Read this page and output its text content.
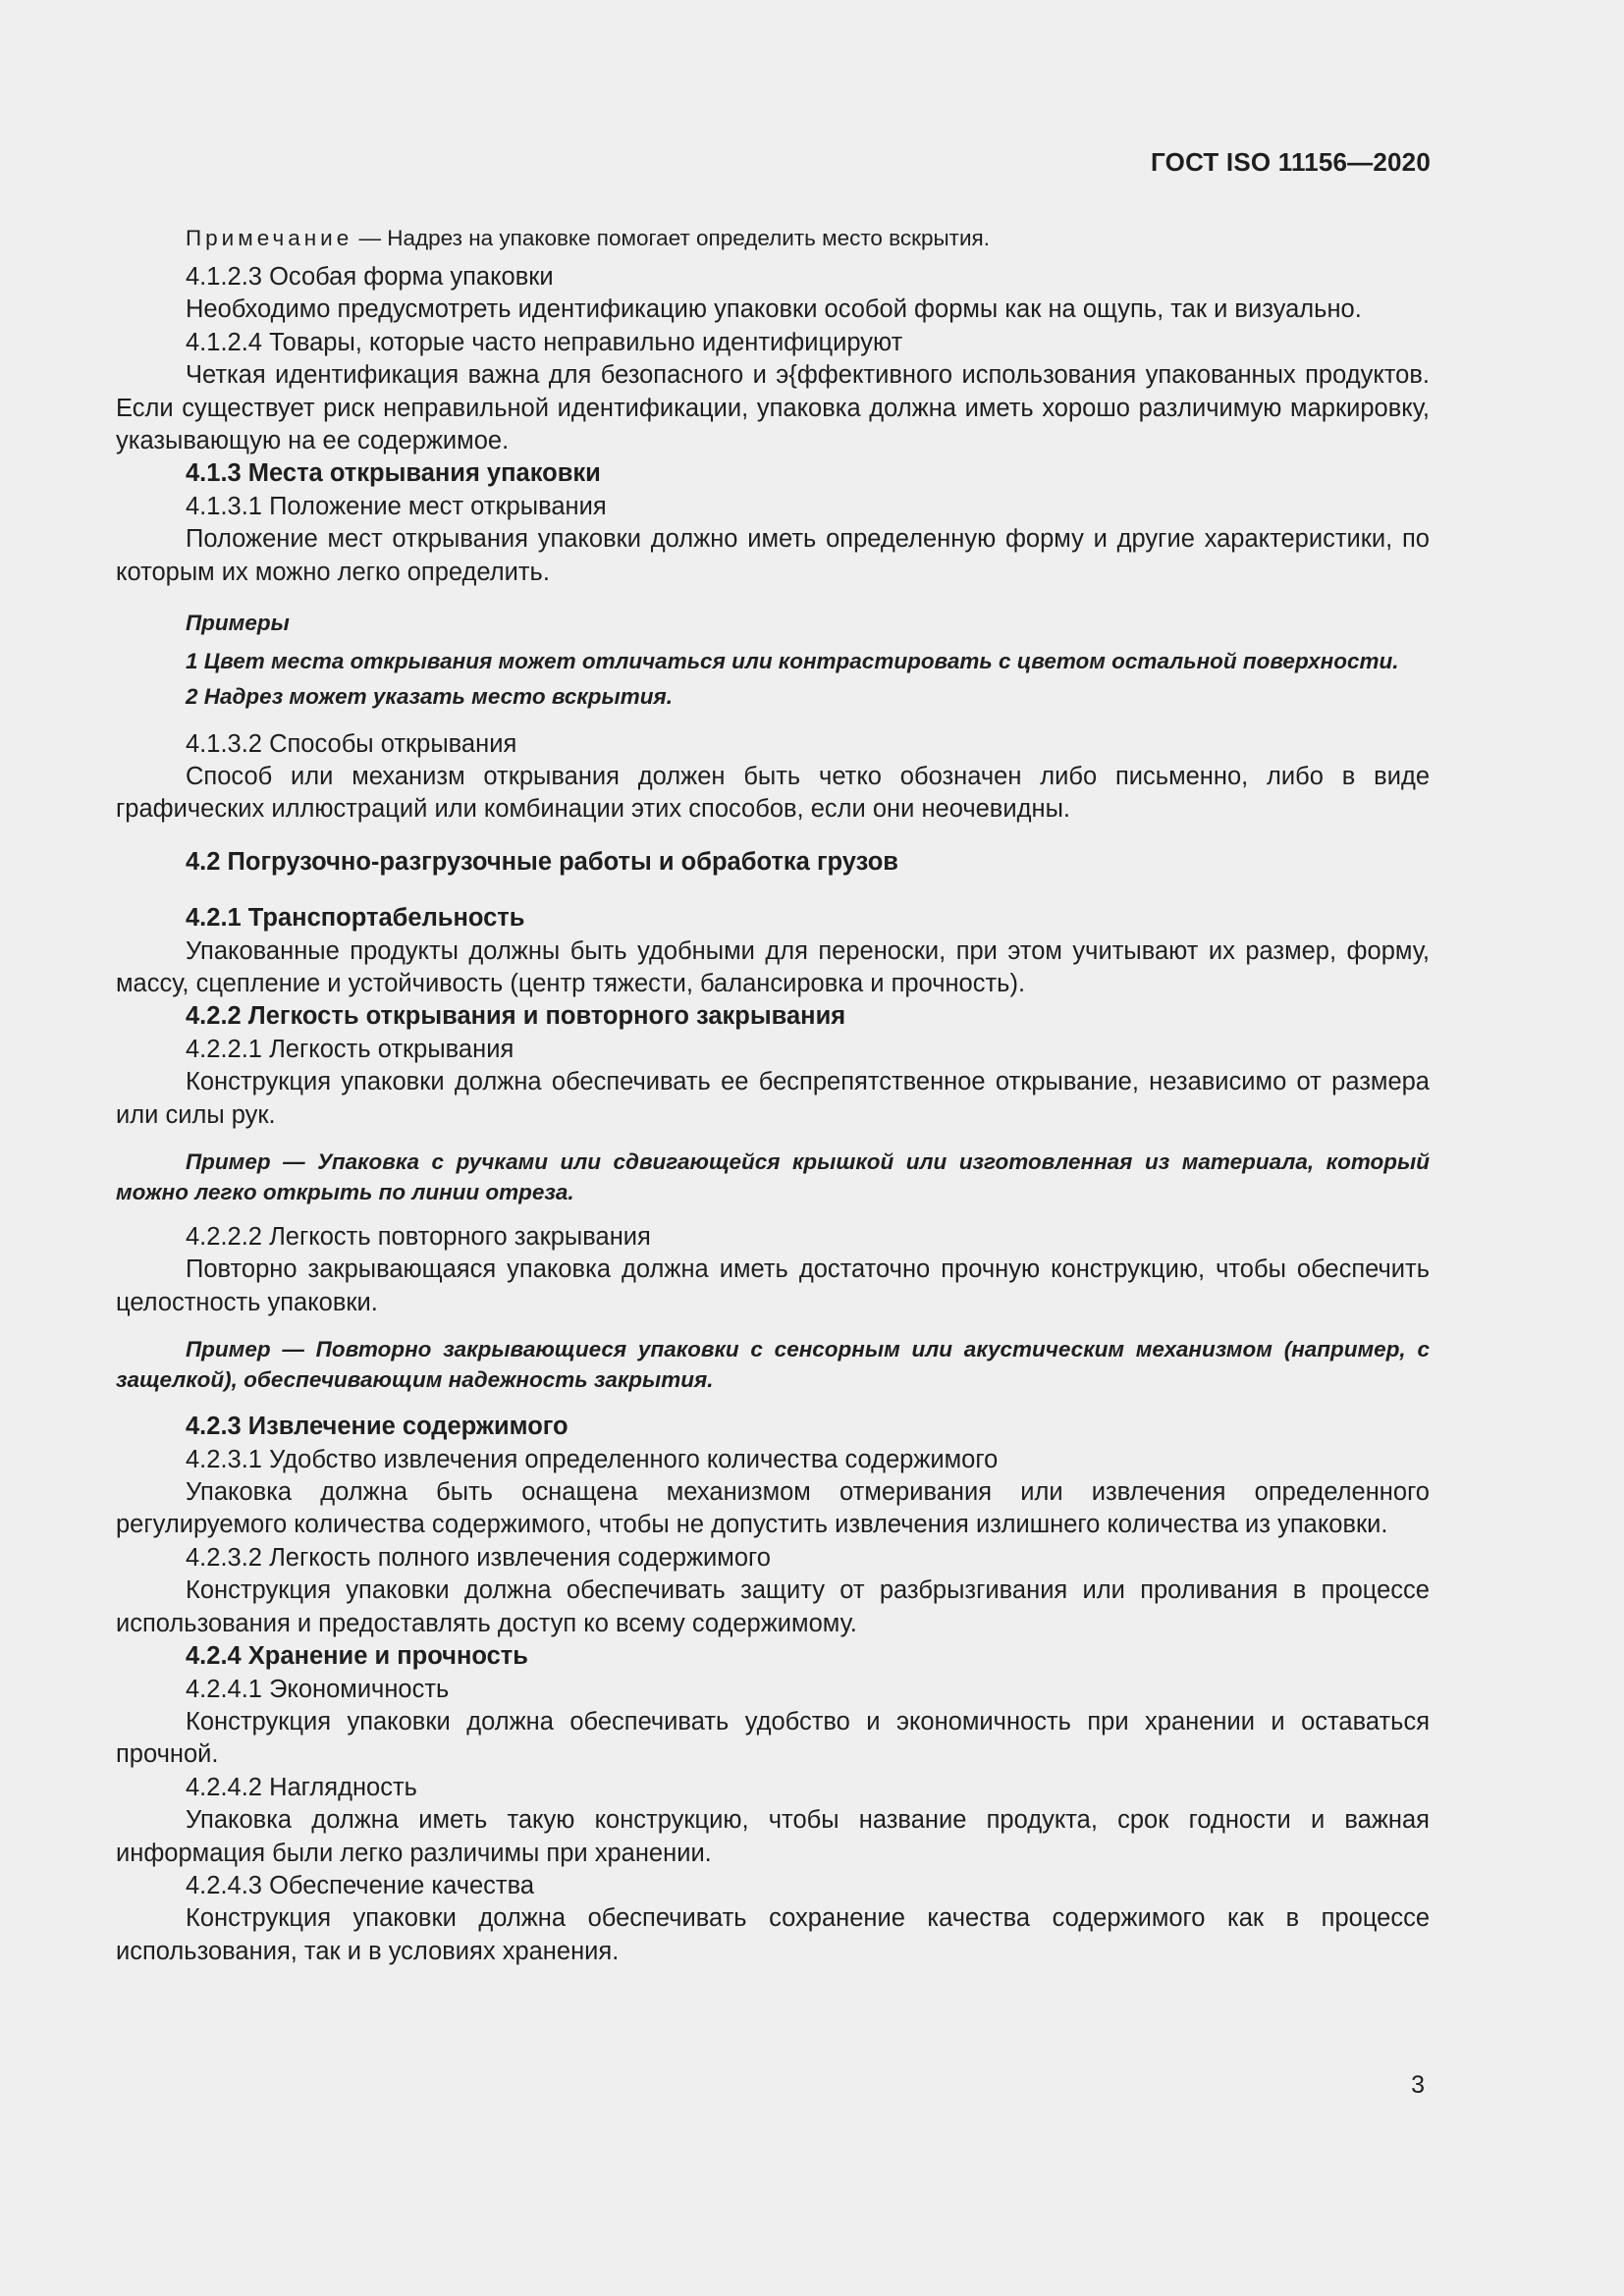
ГОСТ ISO 11156—2020

Примечание — Надрез на упаковке помогает определить место вскрытия.

4.1.2.3 Особая форма упаковки

Необходимо предусмотреть идентификацию упаковки особой формы как на ощупь, так и визуально.

4.1.2.4 Товары, которые часто неправильно идентифицируют

Четкая идентификация важна для безопасного и э{ффективного использования упакованных продуктов. Если существует риск неправильной идентификации, упаковка должна иметь хорошо различимую маркировку, указывающую на ее содержимое.

4.1.3 Места открывания упаковки

4.1.3.1 Положение мест открывания

Положение мест открывания упаковки должно иметь определенную форму и другие характеристики, по которым их можно легко определить.

Примеры

1 Цвет места открывания может отличаться или контрастировать с цветом остальной поверхности.

2 Надрез может указать место вскрытия.

4.1.3.2 Способы открывания

Способ или механизм открывания должен быть четко обозначен либо письменно, либо в виде графических иллюстраций или комбинации этих способов, если они неочевидны.

4.2 Погрузочно-разгрузочные работы и обработка грузов

4.2.1 Транспортабельность

Упакованные продукты должны быть удобными для переноски, при этом учитывают их размер, форму, массу, сцепление и устойчивость (центр тяжести, балансировка и прочность).

4.2.2 Легкость открывания и повторного закрывания

4.2.2.1 Легкость открывания

Конструкция упаковки должна обеспечивать ее беспрепятственное открывание, независимо от размера или силы рук.

Пример — Упаковка с ручками или сдвигающейся крышкой или изготовленная из материала, который можно легко открыть по линии отреза.

4.2.2.2 Легкость повторного закрывания

Повторно закрывающаяся упаковка должна иметь достаточно прочную конструкцию, чтобы обеспечить целостность упаковки.

Пример — Повторно закрывающиеся упаковки с сенсорным или акустическим механизмом (например, с защелкой), обеспечивающим надежность закрытия.

4.2.3 Извлечение содержимого

4.2.3.1 Удобство извлечения определенного количества содержимого

Упаковка должна быть оснащена механизмом отмеривания или извлечения определенного регулируемого количества содержимого, чтобы не допустить извлечения излишнего количества из упаковки.

4.2.3.2 Легкость полного извлечения содержимого

Конструкция упаковки должна обеспечивать защиту от разбрызгивания или проливания в процессе использования и предоставлять доступ ко всему содержимому.

4.2.4 Хранение и прочность

4.2.4.1 Экономичность

Конструкция упаковки должна обеспечивать удобство и экономичность при хранении и оставаться прочной.

4.2.4.2 Наглядность

Упаковка должна иметь такую конструкцию, чтобы название продукта, срок годности и важная информация были легко различимы при хранении.

4.2.4.3 Обеспечение качества

Конструкция упаковки должна обеспечивать сохранение качества содержимого как в процессе использования, так и в условиях хранения.

3
